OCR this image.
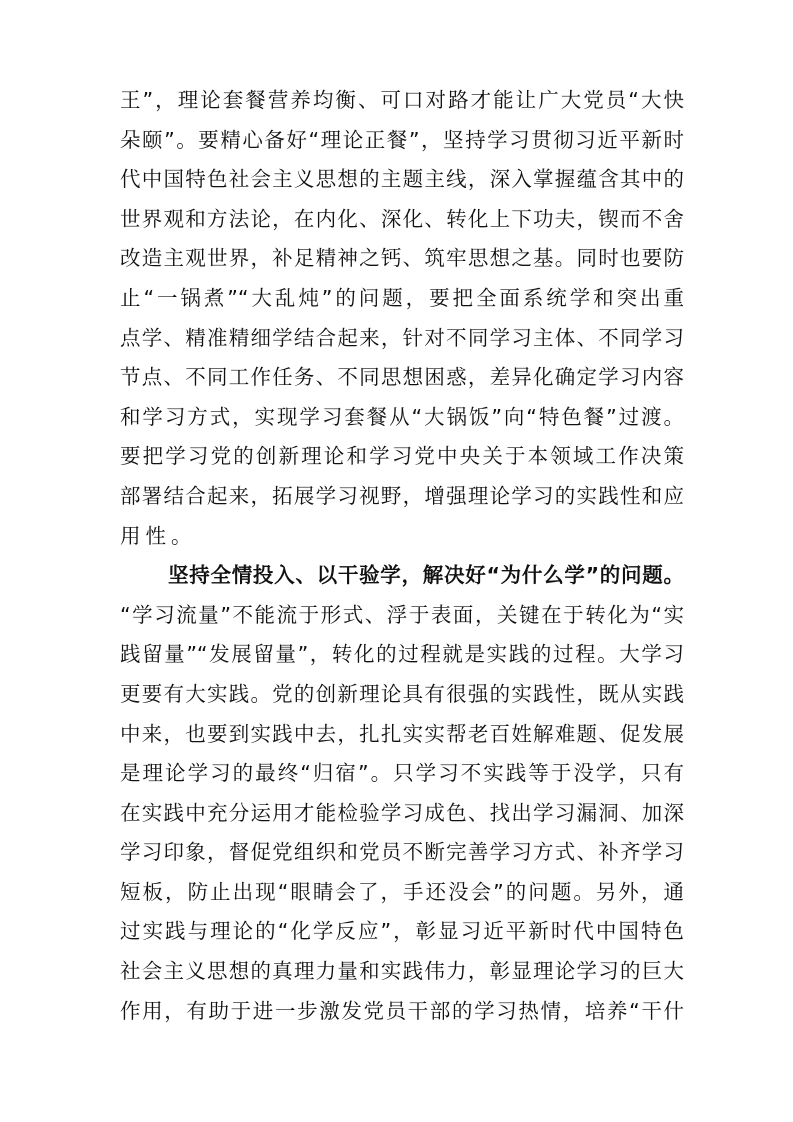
王”，理论套餐营养均衡、可口对路才能让广大党员“大快
朵颐”。要精心备好“理论正餐”，坚持学习贯彻习近平新时
代中国特色社会主义思想的主题主线，深入掌握蕴含其中的
世界观和方法论，在内化、深化、转化上下功夫，锲而不舍
改造主观世界，补足精神之钙、筑牢思想之基。同时也要防
止“一锅煮”“大乱炖”的问题，要把全面系统学和突出重
点学、精准精细学结合起来，针对不同学习主体、不同学习
节点、不同工作任务、不同思想困惑，差异化确定学习内容
和学习方式，实现学习套餐从“大锅饭”向“特色餐”过渡。
要把学习党的创新理论和学习党中央关于本领域工作决策
部署结合起来，拓展学习视野，增强理论学习的实践性和应
用性。
坚持全情投入、以干验学，解决好“为什么学”的问题。
“学习流量”不能流于形式、浮于表面，关键在于转化为“实
践留量”“发展留量”，转化的过程就是实践的过程。大学习
更要有大实践。党的创新理论具有很强的实践性，既从实践
中来，也要到实践中去，扎扎实实帮老百姓解难题、促发展
是理论学习的最终“归宿”。只学习不实践等于没学，只有
在实践中充分运用才能检验学习成色、找出学习漏洞、加深
学习印象，督促党组织和党员不断完善学习方式、补齐学习
短板，防止出现“眼睛会了，手还没会”的问题。另外，通
过实践与理论的“化学反应”，彰显习近平新时代中国特色
社会主义思想的真理力量和实践伟力，彰显理论学习的巨大
作用，有助于进一步激发党员干部的学习热情，培养“干什
